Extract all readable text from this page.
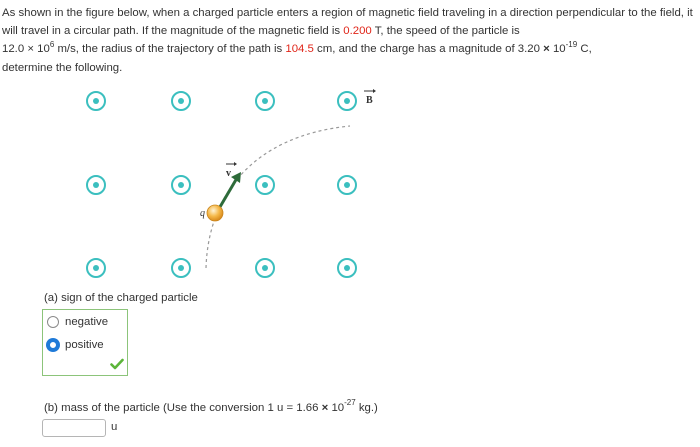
As shown in the figure below, when a charged particle enters a region of magnetic field traveling in a direction perpendicular to the field, it will travel in a circular path. If the magnitude of the magnetic field is 0.200 T, the speed of the particle is
$12.0 \times 10^6$ m/s, the radius of the trajectory of the path is 104.5 cm, and the charge has a magnitude of $3.20 \times 10^{-19}$ C,
determine the following.
B
v
q
(a) sign of the charged particle
negative
positive
(b) mass of the particle (Use the conversion 1 $u = 1.66 \times 10^{-27}$ kg.)
u
